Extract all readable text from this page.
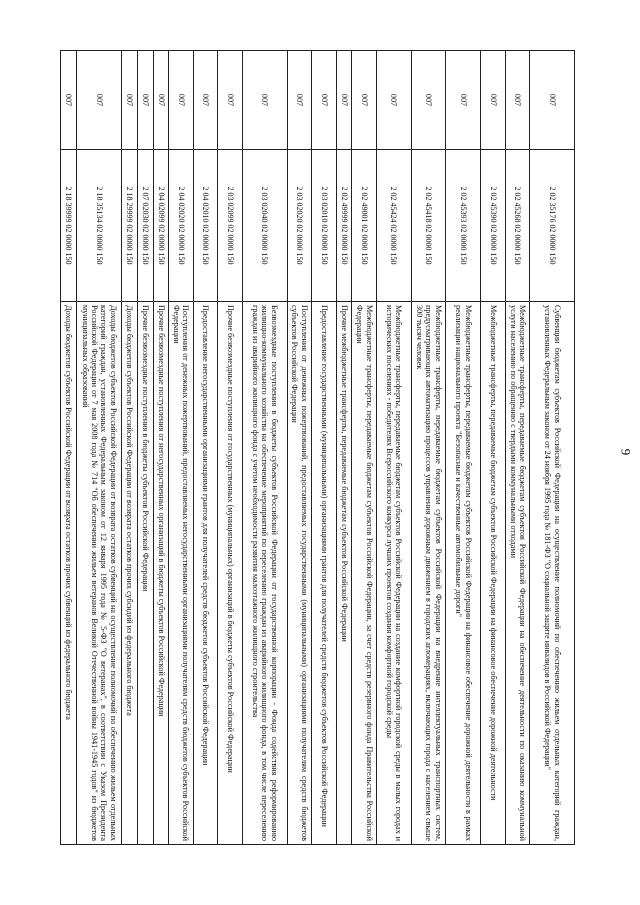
9
007	2 02 35176 02 0000 150	Субвенции бюджетам субъектов Российской Федерации на осуществление полномочий по обеспечению жильем отдельных категорий граждан, установленных Федеральным законом от 24 ноября 1995 года № 181-ФЗ "О социальной защите инвалидов в Российской Федерации"
007	2 02 45268 02 0000 150	Межбюджетные трансферты, передаваемые бюджетам субъектов Российской Федерации на обеспечение деятельности по оказанию коммунальной услуги населению по обращению с твердыми коммунальными отходами
007	2 02 45390 02 0000 150	Межбюджетные трансферты, передаваемые бюджетам субъектов Российской Федерации на финансовое обеспечение дорожной деятельности
007	2 02 45393 02 0000 150	Межбюджетные трансферты, передаваемые бюджетам субъектов Российской Федерации на финансовое обеспечение дорожной деятельности в рамках реализации национального проекта "Безопасные и качественные автомобильные дороги"
007	2 02 45418 02 0000 150	Межбюджетные трансферты, передаваемые бюджетам субъектов Российской Федерации на внедрение интеллектуальных транспортных систем, предусматривающих автоматизацию процессов управления дорожным движением в городских агломерациях, включающих города с населением свыше 300 тысяч человек
007	2 02 45424 02 0000 150	Межбюджетные трансферты, передаваемые бюджетам субъектов Российской Федерации на создание комфортной городской среды в малых городах и исторических поселениях - победителях Всероссийского конкурса лучших проектов создания комфортной городской среды
007	2 02 49001 02 0000 150	Межбюджетные трансферты, передаваемые бюджетам субъектов Российской Федерации, за счет средств резервного фонда Правительства Российской Федерации
007	2 02 49999 02 0000 150	Прочие межбюджетные трансферты, передаваемые бюджетам субъектов Российской Федерации
007	2 03 02010 02 0000 150	Предоставление государственными (муниципальными) организациями грантов для получателей средств бюджетов субъектов Российской Федерации
007	2 03 02020 02 0000 150	Поступления от денежных пожертвований, предоставляемых государственными (муниципальными) организациями получателям средств бюджетов субъектов Российской Федерации
007	2 03 02040 02 0000 150	Безвозмездные поступления в бюджеты субъектов Российской Федерации от государственной корпорации - Фонда содействия реформированию жилищно-коммунального хозяйства на обеспечение мероприятий по переселению граждан из аварийного жилищного фонда, в том числе переселению граждан из аварийного жилищного фонда с учетом необходимости развития малоэтажного жилищного строительства
007	2 03 02099 02 0000 150	Прочие безвозмездные поступления от государственных (муниципальных) организаций в бюджеты субъектов Российской Федерации
007	2 04 02010 02 0000 150	Предоставление негосударственными организациями грантов для получателей средств бюджетов субъектов Российской Федерации
007	2 04 02020 02 0000 150	Поступления от денежных пожертвований, предоставляемых негосударственными организациями получателям средств бюджетов субъектов Российской Федерации
007	2 04 02099 02 0000 150	Прочие безвозмездные поступления от негосударственных организаций в бюджеты субъектов Российской Федерации
007	2 07 02030 02 0000 150	Прочие безвозмездные поступления в бюджеты субъектов Российской Федерации
007	2 18 29999 02 0000 150	Доходы бюджетов субъектов Российской Федерации от возврата остатков прочих субсидий из федерального бюджета
007	2 18 35134 02 0000 150	Доходы бюджетов субъектов Российской Федерации от возврата остатков субвенций на осуществление полномочий по обеспечению жильем отдельных категорий граждан, установленных Федеральным законом от 12 января 1995 года № 5-ФЗ "О ветеранах", в соответствии с Указом Президента Российской Федерации от 7 мая 2008 года № 714 "Об обеспечении жильем ветеранов Великой Отечественной войны 1941-1945 годов" из бюджетов муниципальных образований
007	2 18 39999 02 0000 150	Доходы бюджетов субъектов Российской Федерации от возврата остатков прочих субвенций из федерального бюджета
